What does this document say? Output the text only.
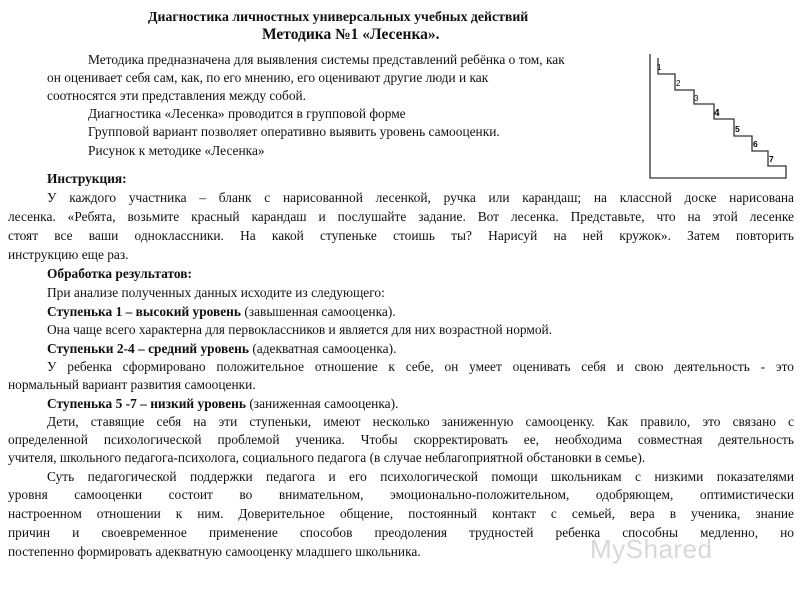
Диагностика личностных универсальных учебных действий
Методика №1 «Лесенка».
Методика предназначена для выявления системы представлений ребёнка о том, как
он оценивает себя сам, как, по его мнению, его оценивают другие люди и как
соотносятся эти представления между собой.
Диагностика «Лесенка» проводится в групповой форме
Групповой вариант позволяет оперативно выявить уровень самооценки.
Рисунок к методике «Лесенка»
1
2
3
4
5
6
7
Инструкция:
У каждого участника – бланк с нарисованной лесенкой, ручка или карандаш; на классной доске нарисована
лесенка. «Ребята, возьмите красный карандаш и послушайте задание. Вот лесенка. Представьте, что на этой лесенке
стоят все ваши одноклассники. На какой ступеньке стоишь ты? Нарисуй на ней кружок». Затем повторить
инструкцию еще раз.
Обработка результатов:
При анализе полученных данных исходите из следующего:
Ступенька 1 – высокий уровень (завышенная самооценка).
Она чаще всего характерна для первоклассников и является для них возрастной нормой.
Ступеньки 2-4 – средний уровень (адекватная самооценка).
У ребенка сформировано положительное отношение к себе, он умеет оценивать себя и свою деятельность - это
нормальный вариант развития самооценки.
Ступенька 5 -7 – низкий уровень (заниженная самооценка).
Дети, ставящие себя на эти ступеньки, имеют несколько заниженную самооценку. Как правило, это связано с
определенной психологической проблемой ученика. Чтобы скорректировать ее, необходима совместная деятельность
учителя, школьного педагога-психолога, социального педагога (в случае неблагоприятной обстановки в семье).
Суть педагогической поддержки педагога и его психологической помощи школьникам с низкими показателями
уровня самооценки состоит во внимательном, эмоционально-положительном, одобряющем, оптимистически
настроенном отношении к ним. Доверительное общение, постоянный контакт с семьей, вера в ученика, знание
причин и своевременное применение способов преодоления трудностей ребенка способны медленно, но
постепенно формировать адекватную самооценку младшего школьника.	MyShared
